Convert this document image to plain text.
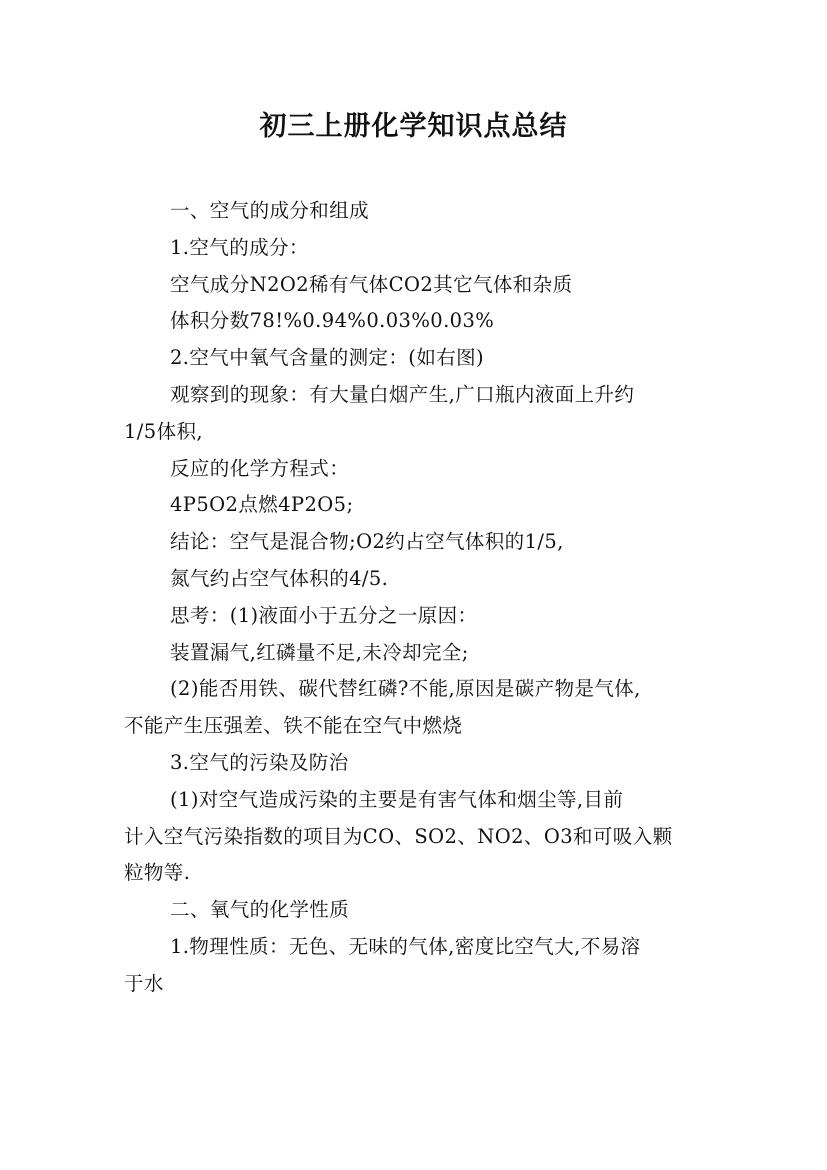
初三上册化学知识点总结

一、空气的成分和组成

1.空气的成分：

空气成分N2O2稀有气体CO2其它气体和杂质

体积分数78!%0.94%0.03%0.03%

2.空气中氧气含量的测定：(如右图)

观察到的现象：有大量白烟产生,广口瓶内液面上升约
1/5体积,

反应的化学方程式：

4P5O2点燃4P2O5;

结论：空气是混合物;O2约占空气体积的1/5,

氮气约占空气体积的4/5.

思考：(1)液面小于五分之一原因：

装置漏气,红磷量不足,未冷却完全;

(2)能否用铁、碳代替红磷?不能,原因是碳产物是气体,
不能产生压强差、铁不能在空气中燃烧

3.空气的污染及防治

(1)对空气造成污染的主要是有害气体和烟尘等,目前
计入空气污染指数的项目为CO、SO2、NO2、O3和可吸入颗
粒物等.

二、氧气的化学性质

1.物理性质：无色、无味的气体,密度比空气大,不易溶
于水
